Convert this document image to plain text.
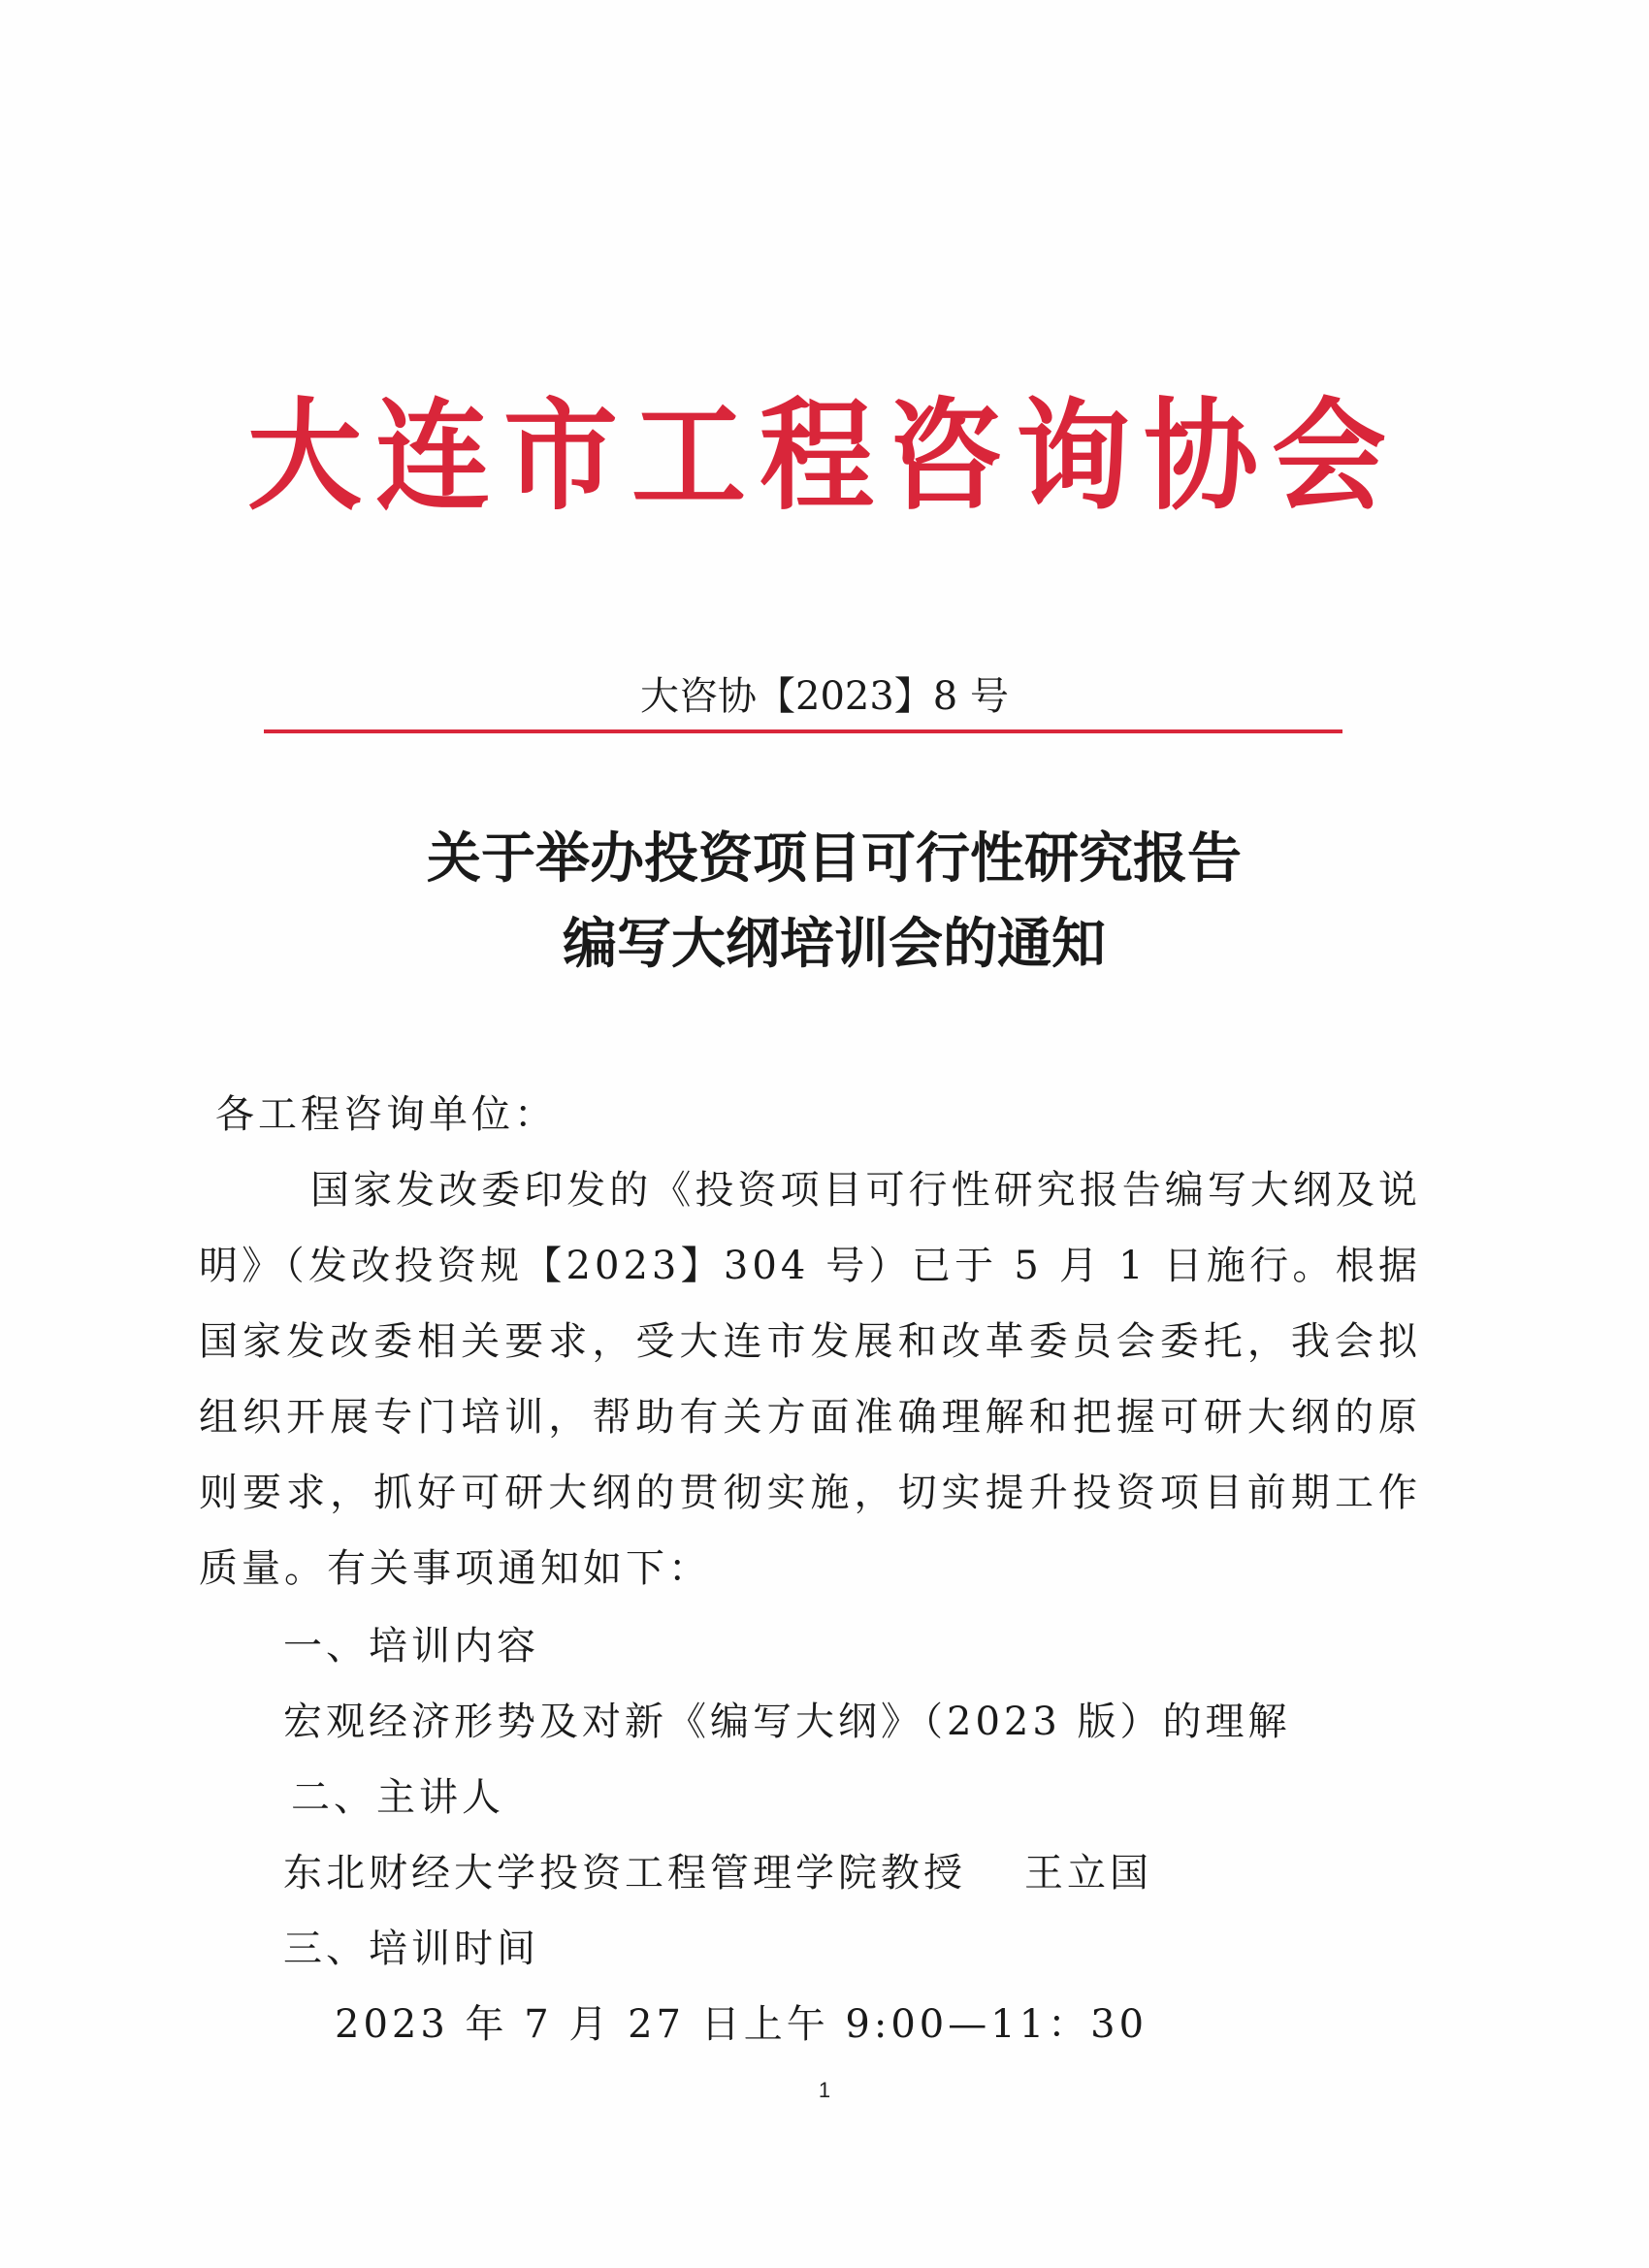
大连市工程咨询协会
大咨协【2023】8 号
关于举办投资项目可行性研究报告
编写大纲培训会的通知
各工程咨询单位：
国家发改委印发的《投资项目可行性研究报告编写大纲及说明》（发改投资规【2023】304 号）已于 5 月 1 日施行。根据国家发改委相关要求，受大连市发展和改革委员会委托，我会拟组织开展专门培训，帮助有关方面准确理解和把握可研大纲的原则要求，抓好可研大纲的贯彻实施，切实提升投资项目前期工作质量。有关事项通知如下：
一、培训内容
宏观经济形势及对新《编写大纲》（2023 版）的理解
二、主讲人
东北财经大学投资工程管理学院教授 王立国
三、培训时间
2023 年 7 月 27 日上午 9:00—11：30
1
